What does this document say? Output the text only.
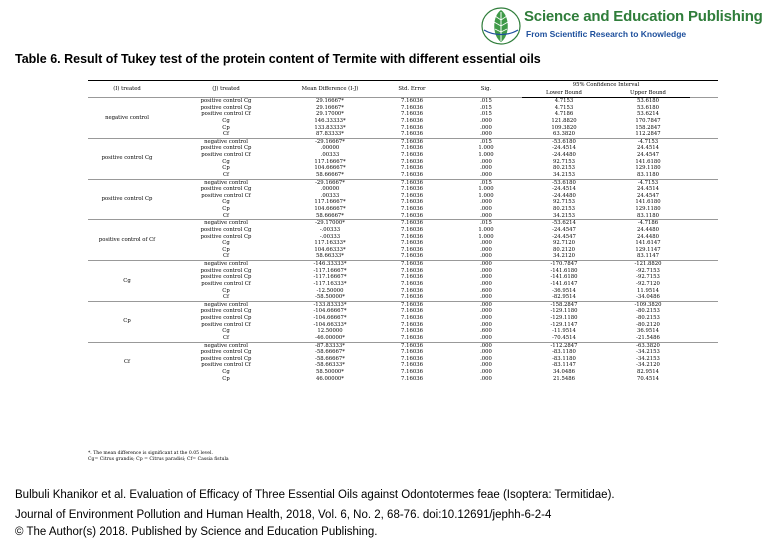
Science and Education Publishing
From Scientific Research to Knowledge
Table 6. Result of Tukey test of the protein content of Termite with different essential oils
(I) treated	(J) treated	Mean Difference (I-J)	Std. Error	Sig.	95% Confidence Interval		
					Lower Bound	Upper Bound	
negative control	positive control Cg	29.16667*	7.16036	.015	4.7153	53.6180	
	positive control Cp	29.16667*	7.16036	.015	4.7153	53.6180	
	positive control Cf	29.17000*	7.16036	.015	4.7186	53.6214	
	Cg	146.33333*	7.16036	.000	121.8820	170.7847	
	Cp	133.83333*	7.16036	.000	109.3820	158.2847	
	Cf	87.83333*	7.16036	.000	63.3820	112.2847	
positive control Cg	negative control	-29.16667*	7.16036	.015	-53.6180	-4.7153	
	positive control Cp	.00000	7.16036	1.000	-24.4514	24.4514	
	positive control Cf	.00333	7.16036	1.000	-24.4480	24.4547	
	Cg	117.16667*	7.16036	.000	92.7153	141.6180	
	Cp	104.66667*	7.16036	.000	80.2153	129.1180	
	Cf	58.66667*	7.16036	.000	34.2153	83.1180	
positive control Cp	negative control	-29.16667*	7.16036	.015	-53.6180	-4.7153	
	positive control Cg	.00000	7.16036	1.000	-24.4514	24.4514	
	positive control Cf	.00333	7.16036	1.000	-24.4480	24.4547	
	Cg	117.16667*	7.16036	.000	92.7153	141.6180	
	Cp	104.66667*	7.16036	.000	80.2153	129.1180	
	Cf	58.66667*	7.16036	.000	34.2153	83.1180	
positive control of Cf	negative control	-29.17000*	7.16036	.015	-53.6214	-4.7186	
	positive control Cg	-.00333	7.16036	1.000	-24.4547	24.4480	
	positive control Cp	-.00333	7.16036	1.000	-24.4547	24.4480	
	Cg	117.16333*	7.16036	.000	92.7120	141.6147	
	Cp	104.66333*	7.16036	.000	80.2120	129.1147	
	Cf	58.66333*	7.16036	.000	34.2120	83.1147	
Cg	negative control	-146.33333*	7.16036	.000	-170.7847	-121.8820	
	positive control Cg	-117.16667*	7.16036	.000	-141.6180	-92.7153	
	positive control Cp	-117.16667*	7.16036	.000	-141.6180	-92.7153	
	positive control Cf	-117.16333*	7.16036	.000	-141.6147	-92.7120	
	Cp	-12.50000	7.16036	.600	-36.9514	11.9514	
	Cf	-58.50000*	7.16036	.000	-82.9514	-34.0486	
Cp	negative control	-133.83333*	7.16036	.000	-158.2847	-109.3820	
	positive control Cg	-104.66667*	7.16036	.000	-129.1180	-80.2153	
	positive control Cp	-104.66667*	7.16036	.000	-129.1180	-80.2153	
	positive control Cf	-104.66333*	7.16036	.000	-129.1147	-80.2120	
	Cg	12.50000	7.16036	.600	-11.9514	36.9514	
	Cf	-46.00000*	7.16036	.000	-70.4514	-21.5486	
Cf	negative control	-87.83333*	7.16036	.000	-112.2847	-63.3820	
	positive control Cg	-58.66667*	7.16036	.000	-83.1180	-34.2153	
	positive control Cp	-58.66667*	7.16036	.000	-83.1180	-34.2153	
	positive control Cf	-58.66333*	7.16036	.000	-83.1147	-34.2120	
	Cg	58.50000*	7.16036	.000	34.0486	82.9514	
	Cp	46.00000*	7.16036	.000	21.5486	70.4514	
*. The mean difference is significant at the 0.05 level.
Cg= Citrus grandis; Cp = Citrus paradisi; Cf= Cassia fistula
Bulbuli Khanikor et al. Evaluation of Efficacy of Three Essential Oils against Odontotermes feae (Isoptera: Termitidae).
Journal of Environment Pollution and Human Health, 2018, Vol. 6, No. 2, 68-76. doi:10.12691/jephh-6-2-4
© The Author(s) 2018. Published by Science and Education Publishing.
